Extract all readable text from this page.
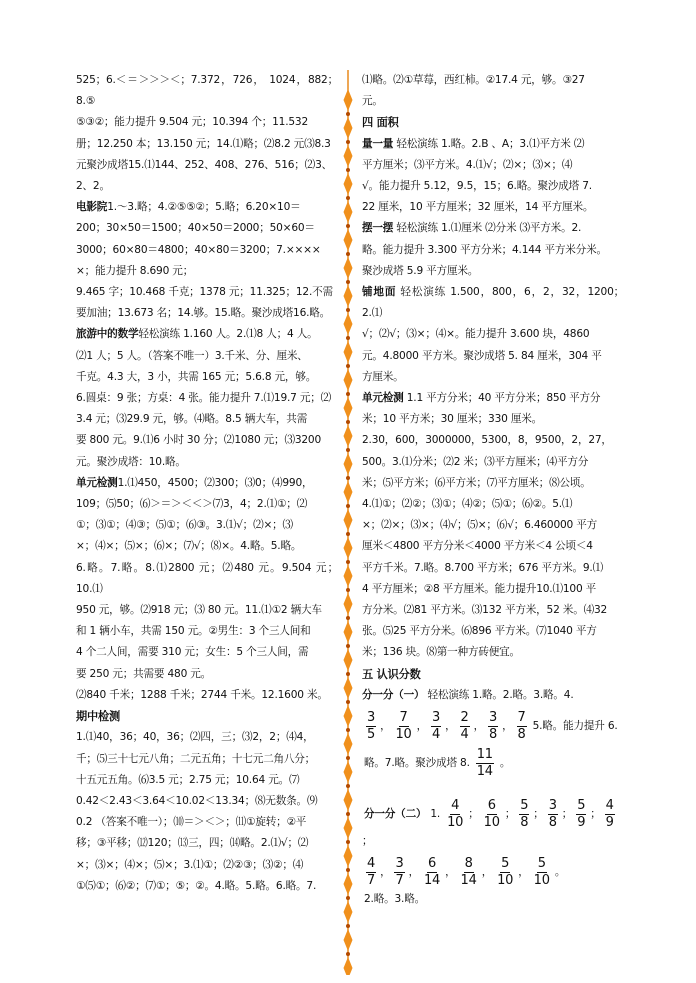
525；6.＜＝＞＞＞＜；7.372，726， 1024，882；8.⑤

⑤③②；能力提升 9.504 元；10.394 个；11.532

册；12.250 本；13.150 元；14.⑴略；⑵8.2 元⑶8.3

元聚沙成塔15.⑴144、252、408、276、516；⑵3、

2、2。

电影院1.～3.略；4.②⑤⑤②；5.略；6.20×10＝

200；30×50＝1500；40×50＝2000；50×60＝

3000；60×80＝4800；40×80＝3200；7.××××

×；能力提升 8.690 元；

9.465 字；10.468 千克；1378 元；11.325；12.不需

要加油；13.673 名；14.够。15.略。聚沙成塔16.略。

旅游中的数学轻松演练 1.160 人。2.⑴8 人；4 人。

⑵1 人；5 人。（答案不唯一）3.千米、分、厘米、

千克。4.3 大，3 小，共需 165 元；5.6.8 元，够。

6.圆桌：9 张；方桌：4 张。能力提升 7.⑴19.7 元；⑵

3.4 元；⑶29.9 元，够。⑷略。8.5 辆大车，共需

要 800 元。9.⑴6 小时 30 分；⑵1080 元；⑶3200

元。聚沙成塔：10.略。

单元检测1.⑴450，4500；⑵300；⑶0；⑷990，

109；⑸50；⑹＞＝＞＜＜＞⑺3，4；2.⑴①；⑵

①；⑶①；⑷③；⑸①；⑹③。3.⑴√；⑵×；⑶

×；⑷×；⑸×；⑹×；⑺√；⑻×。4.略。5.略。

6.略。7.略。8.⑴2800 元；⑵480 元。9.504 元；10.⑴

950 元，够。⑵918 元；⑶ 80 元。11.⑴①2 辆大车

和 1 辆小车，共需 150 元。②男生：3 个三人间和

4 个二人间，需要 310 元；女生：5 个三人间，需

要 250 元；共需要 480 元。

⑵840 千米；1288 千米；2744 千米。12.1600 米。

期中检测

1.⑴40，36；40，36；⑵四，三；⑶2，2；⑷4，

千；⑸三十七元八角；二元五角；十七元二角八分；

十五元五角。⑹3.5 元；2.75 元；10.64 元。⑺

0.42＜2.43＜3.64＜10.02＜13.34；⑻无数条。⑼

0.2 （答案不唯一）；⑽＝＞＜＞；⑾①旋转；②平

移；③平移；⑿120；⒀三，四；⒁略。2.⑴√；⑵

×；⑶×；⑷×；⑸×；3.⑴①；⑵②③；⑶②；⑷

①⑸①；⑹②；⑺①；⑤；②。4.略。5.略。6.略。7.

⑴略。⑵①草莓，西红柿。②17.4 元，够。③27

元。

四 面积

量一量 轻松演练 1.略。2.B 、A；3.⑴平方米 ⑵

平方厘米；⑶平方米。4.⑴√；⑵×；⑶×；⑷

√。能力提升 5.12，9.5，15；6.略。聚沙成塔 7.

22 厘米，10 平方厘米；32 厘米，14 平方厘米。

摆一摆 轻松演练 1.⑴厘米 ⑵分米 ⑶平方米。2.

略。能力提升 3.300 平方分米；4.144 平方米分米。

聚沙成塔 5.9 平方厘米。

铺地面 轻松演练 1.500，800，6，2，32，1200；2.⑴

√；⑵√；⑶×；⑷×。能力提升 3.600 块，4860

元。4.8000 平方米。聚沙成塔 5. 84 厘米，304 平

方厘米。

单元检测 1.1 平方分米；40 平方分米；850 平方分

米；10 平方米；30 厘米；330 厘米。

2.30，600，3000000，5300，8，9500，2，27，

500。3.⑴分米；⑵2 米；⑶平方厘米；⑷平方分

米；⑸平方米；⑹平方米；⑺平方厘米；⑻公顷。

4.⑴①；⑵②；⑶①；⑷②；⑸①；⑹②。5.⑴

×；⑵×；⑶×；⑷√；⑸×；⑹√；6.460000 平方

厘米＜4800 平方分米＜4000 平方米＜4 公顷＜4

平方千米。7.略。8.700 平方米；676 平方米。9.⑴

4 平方厘米；②8 平方厘米。能力提升10.⑴100 平

方分米。⑵81 平方米。⑶132 平方米，52 米。⑷32

张。⑸25 平方分米。⑹896 平方米。⑺1040 平方

米；136 块。⑻第一种方砖便宜。

五 认识分数

分一分（一） 轻松演练 1.略。2.略。3.略。4.

$\frac{3}{5}$ ， $\frac{7}{10}$ ， $\frac{3}{4}$ ， $\frac{2}{4}$ ， $\frac{3}{8}$ ， $\frac{7}{8} 5$.略。能力提升 6.
略。7.略。聚沙成塔 8. $\frac{11}{14}$ 。
分一分（二） 1. $\frac{4}{10}$ ； $\frac{6}{10}$ ； $\frac{5}{8}$ ； $\frac{3}{8}$ ； $\frac{5}{9}$ ； $\frac{4}{9}$
；
$\frac{4}{7}$ ， $\frac{3}{7}$ ， $\frac{6}{14}$ ， $\frac{8}{14}$ ， $\frac{5}{10}$ ， $\frac{5}{10}$ 。
2.略。3.略。
